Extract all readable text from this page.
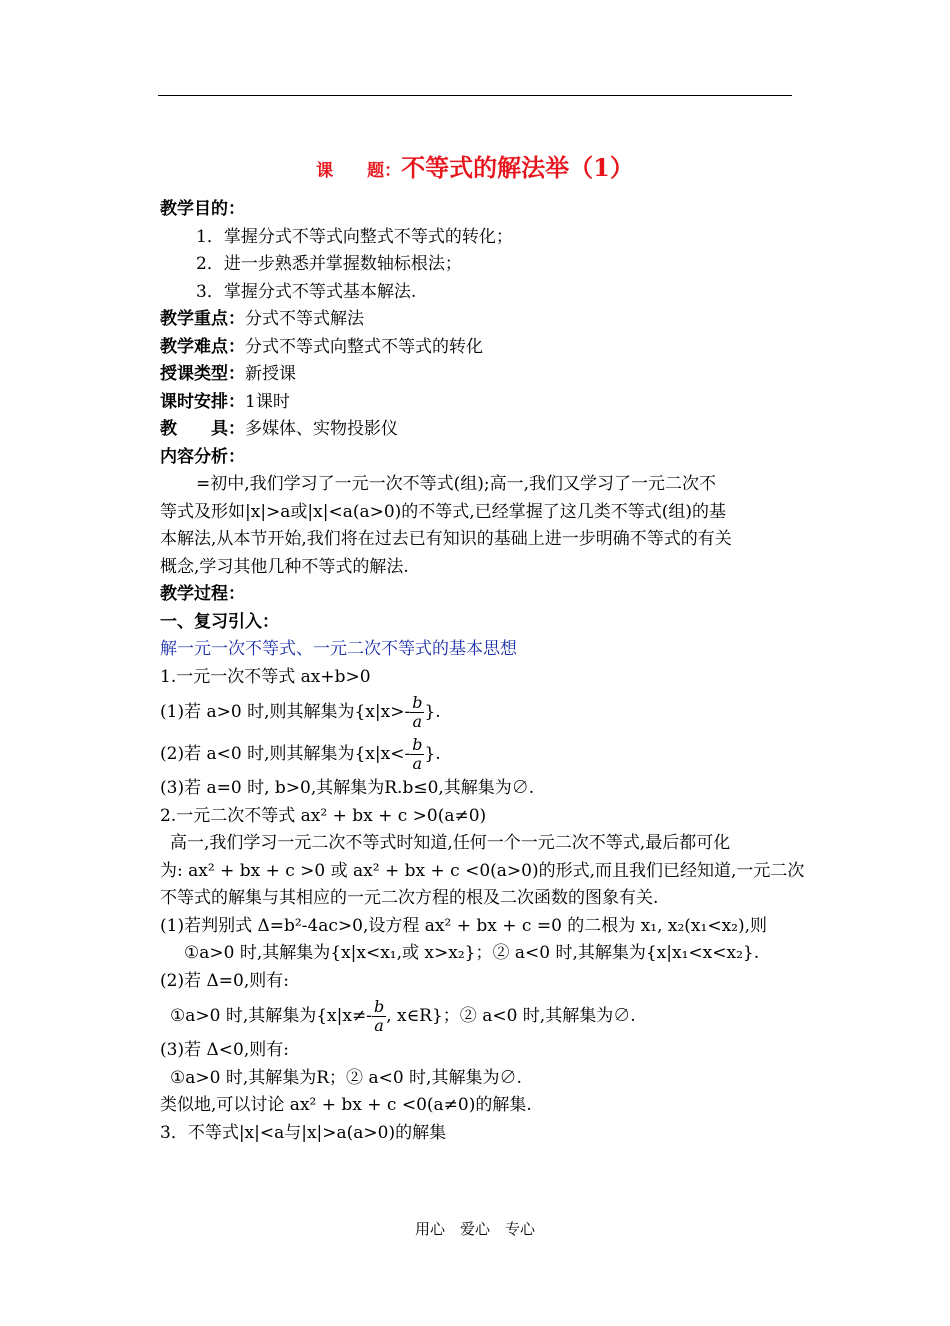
课　　题：不等式的解法举（1）
教学目的：
1．掌握分式不等式向整式不等式的转化；
2．进一步熟悉并掌握数轴标根法；
3．掌握分式不等式基本解法.
教学重点：分式不等式解法
教学难点：分式不等式向整式不等式的转化
授课类型：新授课
课时安排：1课时
教　　具：多媒体、实物投影仪
内容分析：
=初中,我们学习了一元一次不等式(组);高一,我们又学习了一元二次不
等式及形如|x|>a或|x|<a(a>0)的不等式,已经掌握了这几类不等式(组)的基
本解法,从本节开始,我们将在过去已有知识的基础上进一步明确不等式的有关
概念,学习其他几种不等式的解法.
教学过程：
一、复习引入：
解一元一次不等式、一元二次不等式的基本思想
1.一元一次不等式 ax+b>0
(1)若 a>0 时,则其解集为{$x|x>- \frac{b}{a}$ }.
(2)若 a<0 时,则其解集为{$x|x<- \frac{b}{a}$ }.
(3)若 a=0 时, b>0,其解集为R.b≤0,其解集为∅.
2.一元二次不等式 ax² + bx + c >0(a≠0)
高一,我们学习一元二次不等式时知道,任何一个一元二次不等式,最后都可化
为: ax² + bx + c >0 或 ax² + bx + c <0(a>0)的形式,而且我们已经知道,一元二次
不等式的解集与其相应的一元二次方程的根及二次函数的图象有关.
(1)若判别式 Δ=b²-4ac>0,设方程 ax² + bx + c =0 的二根为 x₁, x₂(x₁<x₂),则
①a>0 时,其解集为{x|x<x₁,或 x>x₂}；② a<0 时,其解集为{x|x₁<x<x₂}.
(2)若 Δ=0,则有:
①a>0 时,其解集为{$x|x\ne- \frac{b}{a}$ , x∈R}；② a<0 时,其解集为∅.
(3)若 Δ<0,则有:
①a>0 时,其解集为R；② a<0 时,其解集为∅.
类似地,可以讨论 ax² + bx + c <0(a≠0)的解集.
3．不等式|x|<a与|x|>a(a>0)的解集
用心　爱心　专心
